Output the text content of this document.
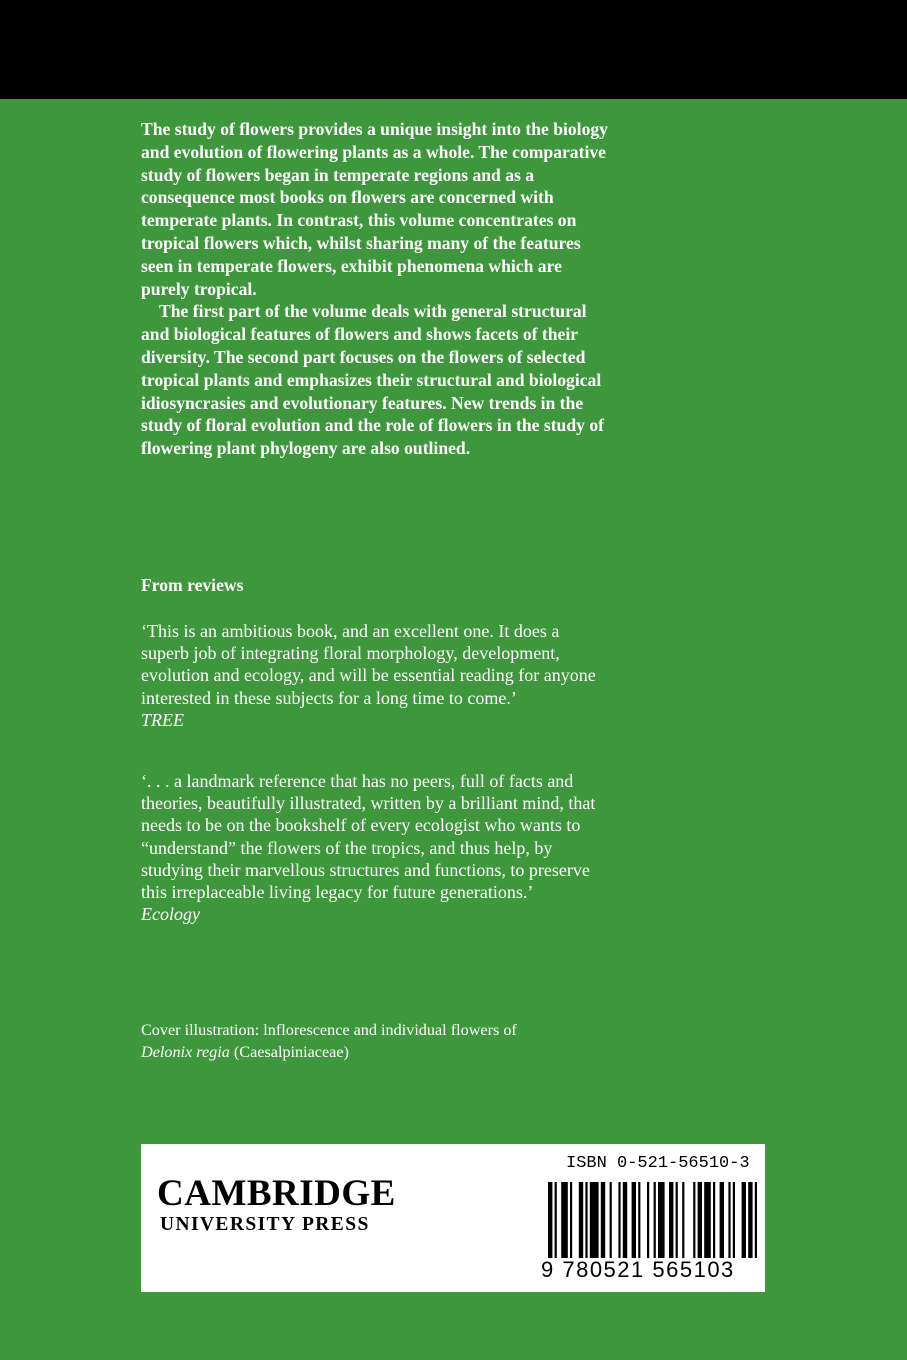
The study of flowers provides a unique insight into the biology and evolution of flowering plants as a whole. The comparative study of flowers began in temperate regions and as a consequence most books on flowers are concerned with temperate plants. In contrast, this volume concentrates on tropical flowers which, whilst sharing many of the features seen in temperate flowers, exhibit phenomena which are purely tropical.

The first part of the volume deals with general structural and biological features of flowers and shows facets of their diversity. The second part focuses on the flowers of selected tropical plants and emphasizes their structural and biological idiosyncrasies and evolutionary features. New trends in the study of floral evolution and the role of flowers in the study of flowering plant phylogeny are also outlined.

From reviews

‘This is an ambitious book, and an excellent one. It does a superb job of integrating floral morphology, development, evolution and ecology, and will be essential reading for anyone interested in these subjects for a long time to come.’

TREE

‘. . . a landmark reference that has no peers, full of facts and theories, beautifully illustrated, written by a brilliant mind, that needs to be on the bookshelf of every ecologist who wants to “understand” the flowers of the tropics, and thus help, by studying their marvellous structures and functions, to preserve this irreplaceable living legacy for future generations.’

Ecology

Cover illustration: lnflorescence and individual flowers of
Delonix regia (Caesalpiniaceae)
CAMBRIDGE
UNIVERSITY PRESS
ISBN 0-521-56510-3
9 780521 565103
